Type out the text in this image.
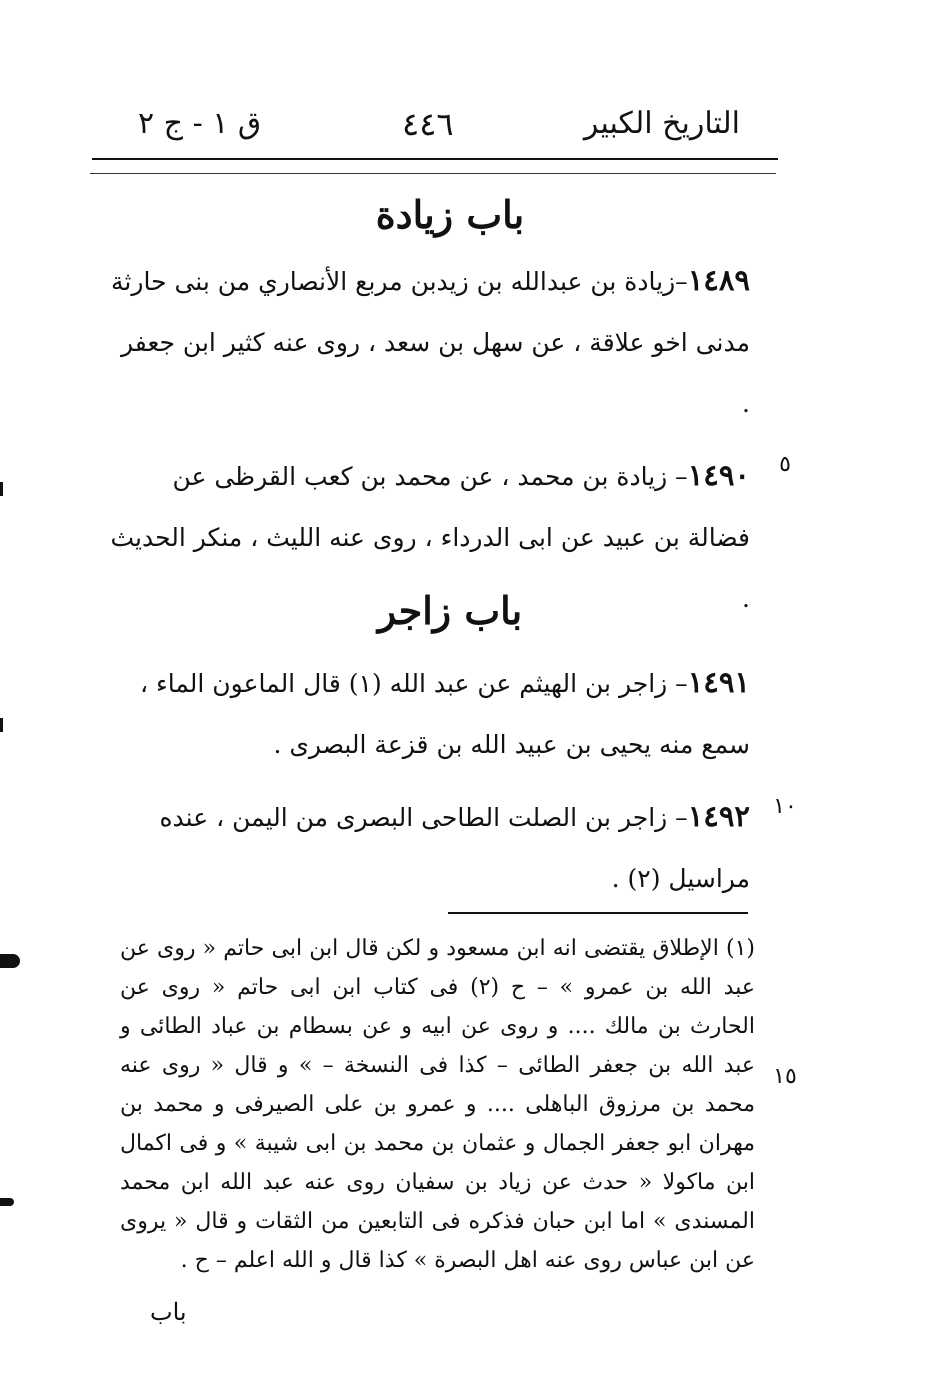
التاريخ الكبير
٤٤٦
ق ١ - ج ٢
باب زيادة
١٤٨٩–زيادة بن عبدالله بن زيدبن مربع الأنصاري من بنى حارثة مدنى اخو علاقة ، عن سهل بن سعد ، روى عنه كثير ابن جعفر .
١٤٩٠– زيادة بن محمد ، عن محمد بن كعب القرظى عن فضالة بن عبيد عن ابى الدرداء ، روى عنه الليث ، منكر الحديث .
باب زاجر
١٤٩١– زاجر بن الهيثم عن عبد الله (١) قال الماعون الماء ، سمع منه يحيى بن عبيد الله بن قزعة البصرى .
١٤٩٢– زاجر بن الصلت الطاحى البصرى من اليمن ، عنده مراسيل (٢) .
٥
١٠
١٥
(١) الإطلاق يقتضى انه ابن مسعود و لكن قال ابن ابى حاتم « روى عن عبد الله بن عمرو » – ح (٢) فى كتاب ابن ابى حاتم « روى عن الحارث بن مالك .... و روى عن ابيه و عن بسطام بن عباد الطائى و عبد الله بن جعفر الطائى – كذا فى النسخة – » و قال « روى عنه محمد بن مرزوق الباهلى .... و عمرو بن على الصيرفى و محمد بن مهران ابو جعفر الجمال و عثمان بن محمد بن ابى شيبة » و فى اكمال ابن ماكولا « حدث عن زياد بن سفيان روى عنه عبد الله ابن محمد المسندى » اما ابن حبان فذكره فى التابعين من الثقات و قال « يروى عن ابن عباس روى عنه اهل البصرة » كذا قال و الله اعلم – ح .
باب
